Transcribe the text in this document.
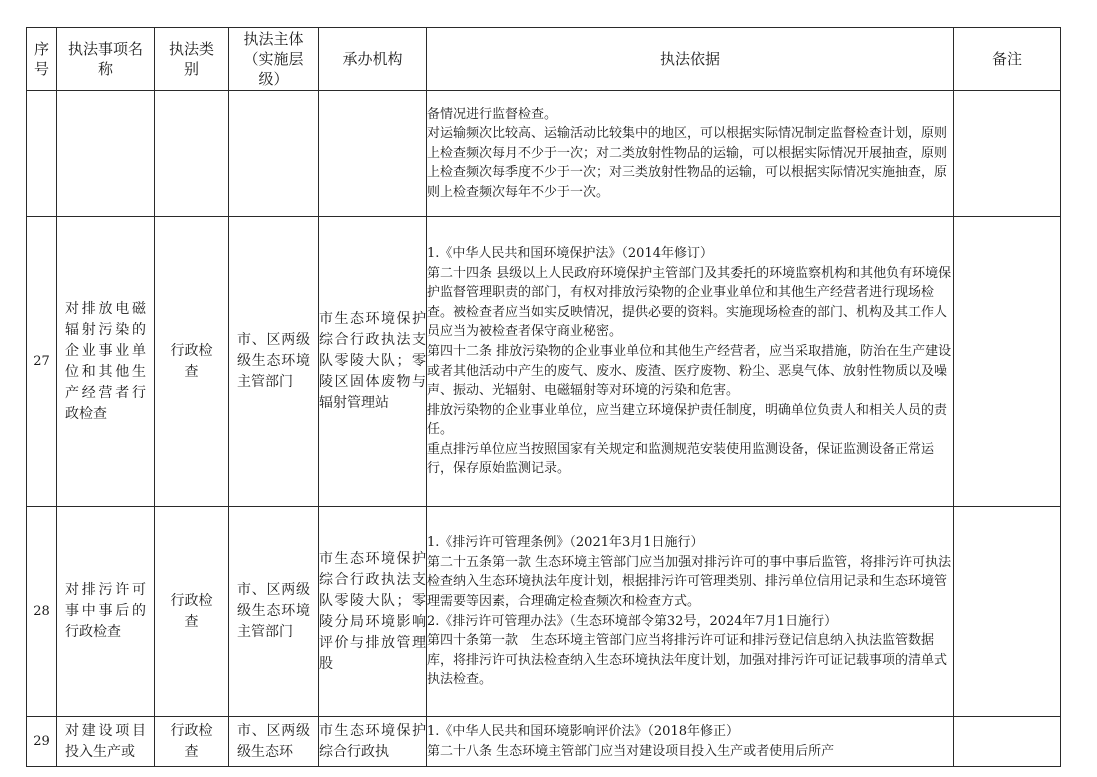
序号	执法事项名称	执法类别	执法主体（实施层级）	承办机构	执法依据	备注

					备情况进行监督检查。
对运输频次比较高、运输活动比较集中的地区，可以根据实际情况制定监督检查计划，原则上检查频次每月不少于一次；对二类放射性物品的运输，可以根据实际情况开展抽查，原则上检查频次每季度不少于一次；对三类放射性物品的运输，可以根据实际情况实施抽查，原则上检查频次每年不少于一次。	

27	对排放电磁辐射污染的企业事业单位和其他生产经营者行政检查	行政检查	市、区两级级生态环境主管部门	市生态环境保护综合行政执法支队零陵大队；零陵区固体废物与辐射管理站	1.《中华人民共和国环境保护法》（2014年修订）
第二十四条 县级以上人民政府环境保护主管部门及其委托的环境监察机构和其他负有环境保护监督管理职责的部门，有权对排放污染物的企业事业单位和其他生产经营者进行现场检查。被检查者应当如实反映情况，提供必要的资料。实施现场检查的部门、机构及其工作人员应当为被检查者保守商业秘密。
第四十二条 排放污染物的企业事业单位和其他生产经营者，应当采取措施，防治在生产建设或者其他活动中产生的废气、废水、废渣、医疗废物、粉尘、恶臭气体、放射性物质以及噪声、振动、光辐射、电磁辐射等对环境的污染和危害。
排放污染物的企业事业单位，应当建立环境保护责任制度，明确单位负责人和相关人员的责任。
重点排污单位应当按照国家有关规定和监测规范安装使用监测设备，保证监测设备正常运行，保存原始监测记录。	

28	对排污许可事中事后的行政检查	行政检查	市、区两级级生态环境主管部门	市生态环境保护综合行政执法支队零陵大队；零陵分局环境影响评价与排放管理股	1.《排污许可管理条例》（2021年3月1日施行）
第二十五条第一款 生态环境主管部门应当加强对排污许可的事中事后监管，将排污许可执法检查纳入生态环境执法年度计划，根据排污许可管理类别、排污单位信用记录和生态环境管理需要等因素，合理确定检查频次和检查方式。
2.《排污许可管理办法》（生态环境部令第32号，2024年7月1日施行）
第四十条第一款　生态环境主管部门应当将排污许可证和排污登记信息纳入执法监管数据库，将排污许可执法检查纳入生态环境执法年度计划，加强对排污许可证记载事项的清单式执法检查。	

29	对建设项目投入生产或	行政检查	市、区两级级生态环	市生态环境保护综合行政执	1.《中华人民共和国环境影响评价法》（2018年修正）
第二十八条 生态环境主管部门应当对建设项目投入生产或者使用后所产	
